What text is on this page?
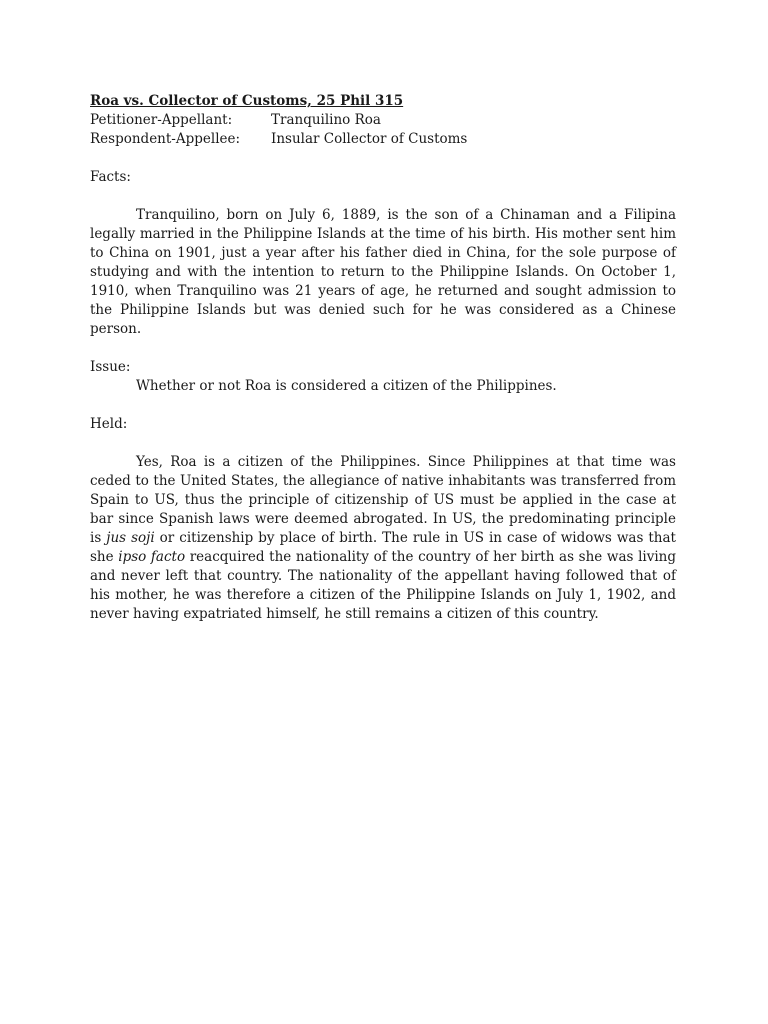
Roa vs. Collector of Customs, 25 Phil 315

Petitioner-Appellant:	Tranquilino Roa
Respondent-Appellee:	Insular Collector of Customs

Facts:

Tranquilino, born on July 6, 1889, is the son of a Chinaman and a Filipina legally married in the Philippine Islands at the time of his birth. His mother sent him to China on 1901, just a year after his father died in China, for the sole purpose of studying and with the intention to return to the Philippine Islands. On October 1, 1910, when Tranquilino was 21 years of age, he returned and sought admission to the Philippine Islands but was denied such for he was considered as a Chinese person.

Issue:

Whether or not Roa is considered a citizen of the Philippines.

Held:

Yes, Roa is a citizen of the Philippines. Since Philippines at that time was ceded to the United States, the allegiance of native inhabitants was transferred from Spain to US, thus the principle of citizenship of US must be applied in the case at bar since Spanish laws were deemed abrogated. In US, the predominating principle is jus soji or citizenship by place of birth. The rule in US in case of widows was that she ipso facto reacquired the nationality of the country of her birth as she was living and never left that country. The nationality of the appellant having followed that of his mother, he was therefore a citizen of the Philippine Islands on July 1, 1902, and never having expatriated himself, he still remains a citizen of this country.
